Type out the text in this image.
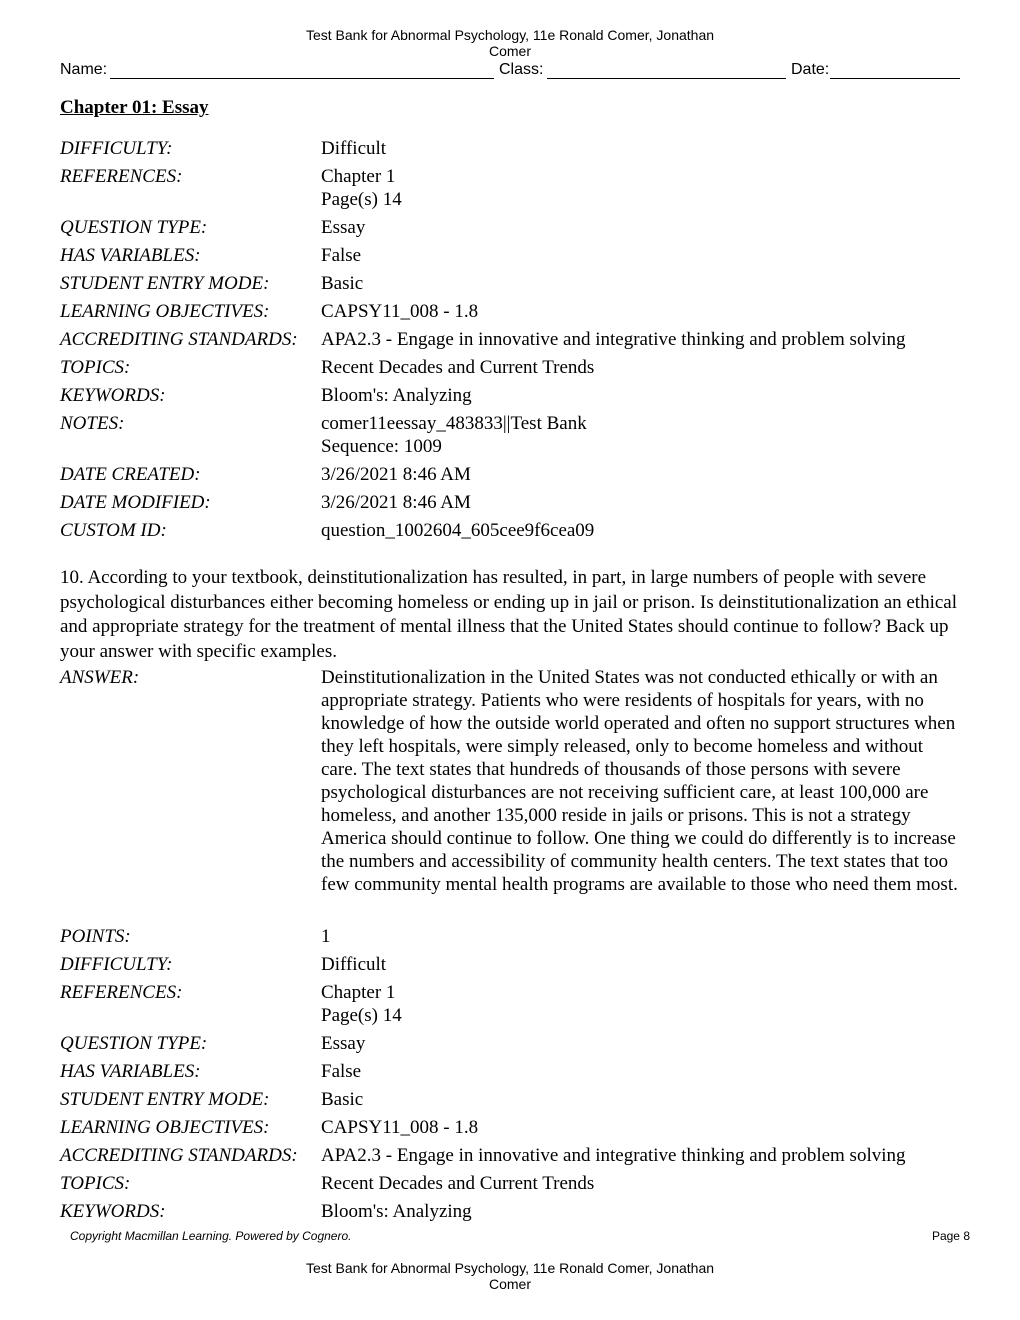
Test Bank for Abnormal Psychology, 11e Ronald Comer, Jonathan
Comer
Name:	Class:	Date:
Chapter 01: Essay
DIFFICULTY:	Difficult
REFERENCES:	Chapter 1
Page(s) 14
QUESTION TYPE:	Essay
HAS VARIABLES:	False
STUDENT ENTRY MODE:	Basic
LEARNING OBJECTIVES:	CAPSY11_008 - 1.8
ACCREDITING STANDARDS: APA2.3 - Engage in innovative and integrative thinking and problem solving
TOPICS:	Recent Decades and Current Trends
KEYWORDS:	Bloom's: Analyzing
NOTES:	comer11eessay_483833||Test Bank
Sequence: 1009
DATE CREATED:	3/26/2021 8:46 AM
DATE MODIFIED:	3/26/2021 8:46 AM
CUSTOM ID:	question_1002604_605cee9f6cea09
10. According to your textbook, deinstitutionalization has resulted, in part, in large numbers of people with severe psychological disturbances either becoming homeless or ending up in jail or prison. Is deinstitutionalization an ethical and appropriate strategy for the treatment of mental illness that the United States should continue to follow? Back up your answer with specific examples.
ANSWER:	Deinstitutionalization in the United States was not conducted ethically or with an appropriate strategy. Patients who were residents of hospitals for years, with no knowledge of how the outside world operated and often no support structures when they left hospitals, were simply released, only to become homeless and without care. The text states that hundreds of thousands of those persons with severe psychological disturbances are not receiving sufficient care, at least 100,000 are homeless, and another 135,000 reside in jails or prisons. This is not a strategy America should continue to follow. One thing we could do differently is to increase the numbers and accessibility of community health centers. The text states that too few community mental health programs are available to those who need them most.
POINTS:	1
DIFFICULTY:	Difficult
REFERENCES:	Chapter 1
Page(s) 14
QUESTION TYPE:	Essay
HAS VARIABLES:	False
STUDENT ENTRY MODE:	Basic
LEARNING OBJECTIVES:	CAPSY11_008 - 1.8
ACCREDITING STANDARDS: APA2.3 - Engage in innovative and integrative thinking and problem solving
TOPICS:	Recent Decades and Current Trends
KEYWORDS:	Bloom's: Analyzing
Copyright Macmillan Learning. Powered by Cognero.	Page 8
Test Bank for Abnormal Psychology, 11e Ronald Comer, Jonathan
Comer
